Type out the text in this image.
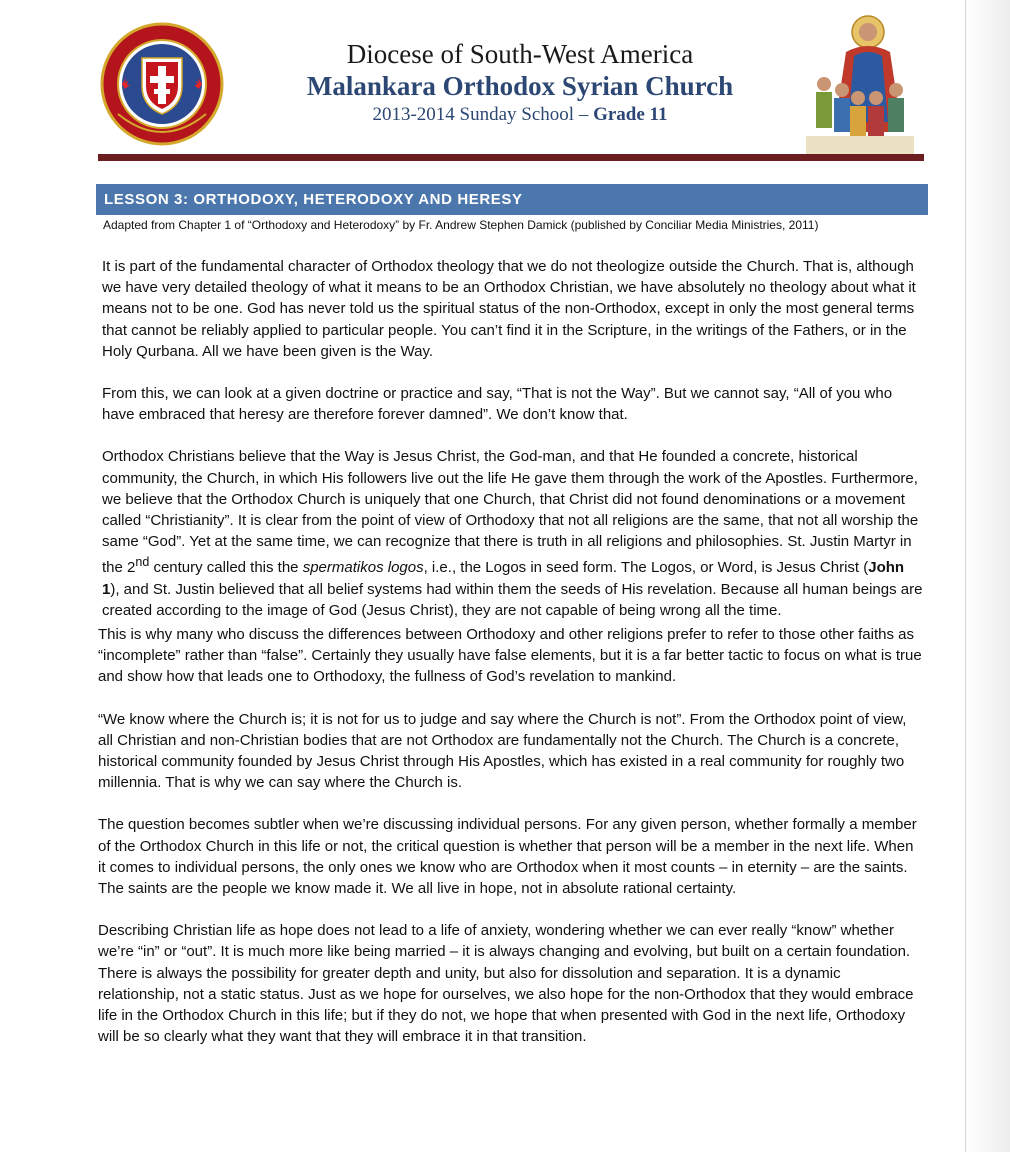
Diocese of South-West America
Malankara Orthodox Syrian Church
2013-2014 Sunday School – Grade 11
LESSON 3: ORTHODOXY, HETERODOXY AND HERESY
Adapted from Chapter 1 of “Orthodoxy and Heterodoxy” by Fr. Andrew Stephen Damick (published by Conciliar Media Ministries, 2011)

It is part of the fundamental character of Orthodox theology that we do not theologize outside the Church. That is, although we have very detailed theology of what it means to be an Orthodox Christian, we have absolutely no theology about what it means not to be one. God has never told us the spiritual status of the non-Orthodox, except in only the most general terms that cannot be reliably applied to particular people. You can’t find it in the Scripture, in the writings of the Fathers, or in the Holy Qurbana. All we have been given is the Way.

From this, we can look at a given doctrine or practice and say, “That is not the Way”. But we cannot say, “All of you who have embraced that heresy are therefore forever damned”. We don’t know that.

Orthodox Christians believe that the Way is Jesus Christ, the God-man, and that He founded a concrete, historical community, the Church, in which His followers live out the life He gave them through the work of the Apostles. Furthermore, we believe that the Orthodox Church is uniquely that one Church, that Christ did not found denominations or a movement called “Christianity”. It is clear from the point of view of Orthodoxy that not all religions are the same, that not all worship the same “God”. Yet at the same time, we can recognize that there is truth in all religions and philosophies. St. Justin Martyr in the 2nd century called this the spermatikos logos, i.e., the Logos in seed form. The Logos, or Word, is Jesus Christ (John 1), and St. Justin believed that all belief systems had within them the seeds of His revelation. Because all human beings are created according to the image of God (Jesus Christ), they are not capable of being wrong all the time.

This is why many who discuss the differences between Orthodoxy and other religions prefer to refer to those other faiths as “incomplete” rather than “false”. Certainly they usually have false elements, but it is a far better tactic to focus on what is true and show how that leads one to Orthodoxy, the fullness of God’s revelation to mankind.

“We know where the Church is; it is not for us to judge and say where the Church is not”. From the Orthodox point of view, all Christian and non-Christian bodies that are not Orthodox are fundamentally not the Church. The Church is a concrete, historical community founded by Jesus Christ through His Apostles, which has existed in a real community for roughly two millennia. That is why we can say where the Church is.

The question becomes subtler when we’re discussing individual persons. For any given person, whether formally a member of the Orthodox Church in this life or not, the critical question is whether that person will be a member in the next life. When it comes to individual persons, the only ones we know who are Orthodox when it most counts – in eternity – are the saints. The saints are the people we know made it. We all live in hope, not in absolute rational certainty.

Describing Christian life as hope does not lead to a life of anxiety, wondering whether we can ever really “know” whether we’re “in” or “out”. It is much more like being married – it is always changing and evolving, but built on a certain foundation. There is always the possibility for greater depth and unity, but also for dissolution and separation. It is a dynamic relationship, not a static status. Just as we hope for ourselves, we also hope for the non-Orthodox that they would embrace life in the Orthodox Church in this life; but if they do not, we hope that when presented with God in the next life, Orthodoxy will be so clearly what they want that they will embrace it in that transition.
